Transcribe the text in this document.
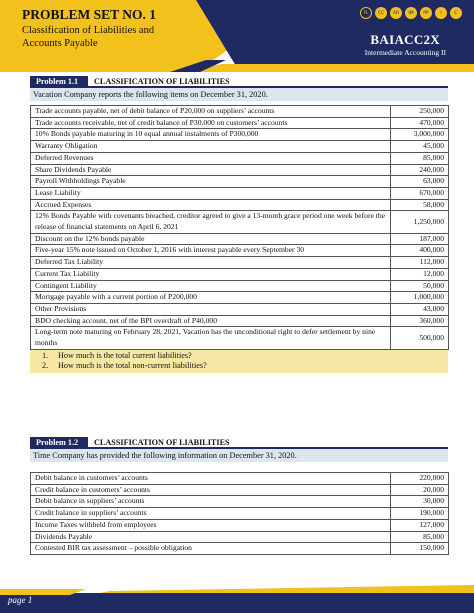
PROBLEM SET NO. 1
Classification of Liabilities and
Accounts Payable
FL	CC	AR	IM	PP	I	C
BAIACC2X
Intermediate Accounting II
Problem 1.1	CLASSIFICATION OF LIABILITIES
Vacation Company reports the following items on December 31, 2020.
Trade accounts payable, net of debit balance of P20,000 on suppliers’ accounts	250,000
Trade accounts receivable, net of credit balance of P30,000 on customers’ accounts	470,000
10% Bonds payable maturing in 10 equal annual instalments of P300,000	3,000,000
Warranty Obligation	45,000
Deferred Revenues	85,000
Share Dividends Payable	240,000
Payroll Withholdings Payable	63,000
Lease Liability	670,000
Accrued Expenses	58,000
12% Bonds Payable with covenants breached, creditor agreed to give a 13-month grace period one week before the release of financial statements on April 6, 2021	1,250,000
Discount on the 12% bonds payable	187,000
Five-year 15% note issued on October 1, 2016 with interest payable every September 30	400,000
Deferred Tax Liability	112,000
Current Tax Liability	12,000
Contingent Liability	50,000
Mortgage payable with a current portion of P200,000	1,000,000
Other Provisions	43,000
BDO checking account, net of the BPI overdraft of P40,000	360,000
Long-term note maturing on February 28, 2021, Vacation has the unconditional right to defer settlement by nine months	500,000
1. How much is the total current liabilities?
2. How much is the total non-current liabilities?
Problem 1.2	CLASSIFICATION OF LIABILITIES
Time Company has provided the following information on December 31, 2020.
Debit balance in customers’ accounts	220,000
Credit balance in customers’ accounts	20,000
Debit balance in suppliers’ accounts	30,000
Credit balance in suppliers’ accounts	190,000
Income Taxes withheld from employees	127,000
Dividends Payable	85,000
Contested BIR tax assessment – possible obligation	150,000
page 1
